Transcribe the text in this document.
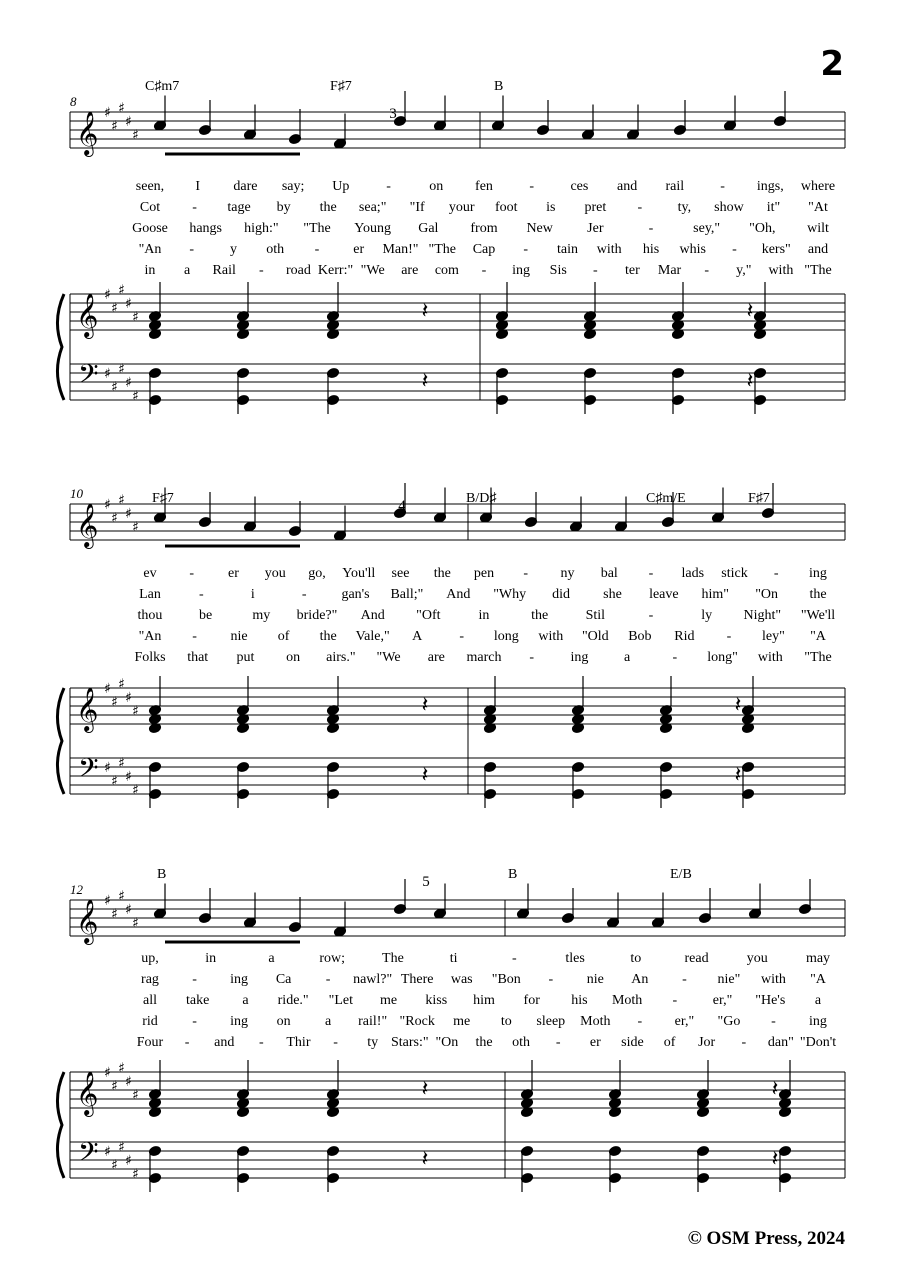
2
𝄞 ♯
♯
♯
♯
♯
C♯m7	F♯7	B
8
3
seen, I dare say; Up	-	on fen	-	ces and rail	- ings, where
Cot - tage by the sea;" "If your foot is pret -	ty, show it" "At
Goose hangs high:" "The Young Gal from New Jer	-	sey," "Oh, wilt
"An -	y oth - er Man!" "The Cap - tain with his whis - kers" and
in a Rail - road Kerr:" "We are com - ing Sis - ter Mar - y," with "The
𝄞
𝄢
♯
♯
♯
♯
♯
♯
♯
♯
♯
♯
𝄽
𝄽
𝄽
𝄽
𝄞 ♯
♯
♯
♯
♯
F♯7	B/D♯	C♯m/E	F♯7
10
4
ev - er you go, You'll see the pen - ny bal - lads stick - ing
Lan	-	i	- gan's Ball;" And "Why did she leave him" "On the
thou	be	my bride?" And "Oft	in	the	Stil	-	ly Night" "We'll
"An - nie of the Vale," A	- long with "Old Bob Rid - ley" "A
Folks that put on airs." "We are march -	ing	a	- long" with "The
𝄞
𝄢
♯
♯
♯
♯
♯
♯
♯
♯
♯
♯
𝄽
𝄽
𝄽
𝄽
𝄞 ♯
♯
♯
♯
♯
B	B	E/B
12	5
up,	in	a	row;	The	ti	-	tles	to	read	you	may
rag - ing Ca - nawl?" There was "Bon - nie An - nie" with "A
all take a ride." "Let me kiss him for his Moth -	er," "He's a
rid - ing on a rail!" "Rock me to sleep Moth - er," "Go - ing
Four - and - Thir - ty Stars:" "On the oth - er side of Jor - dan" "Don't
𝄞
𝄢
♯
♯
♯
♯
♯
♯
♯
♯
♯
♯
𝄽
𝄽
𝄽
𝄽
© OSM Press, 2024
